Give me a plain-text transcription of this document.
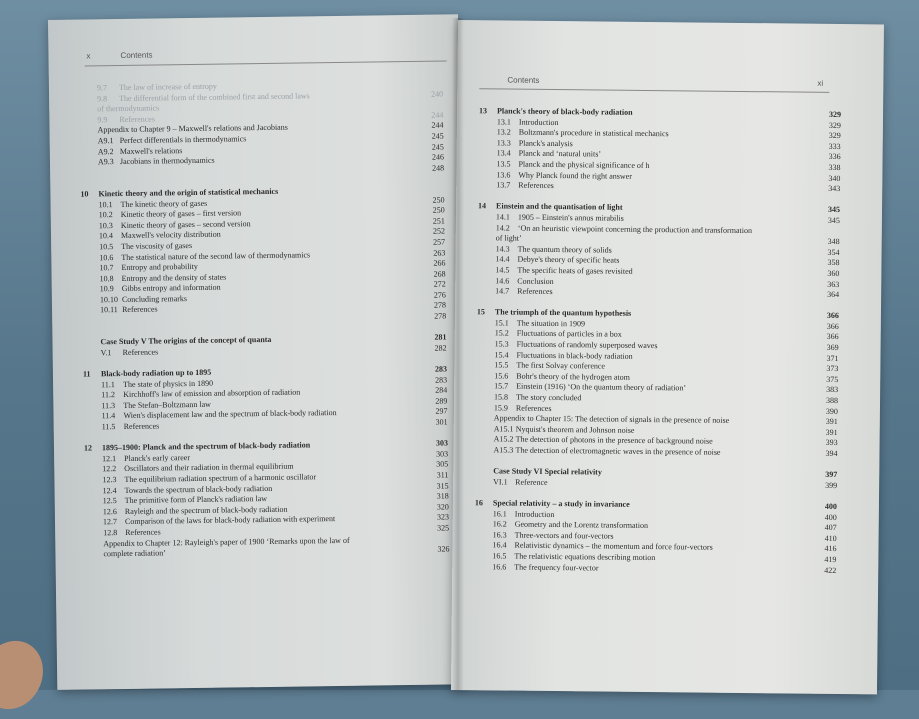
x	Contents
9.7 The law of increase of entropy
9.8 The differential form of the combined first and second laws	240
of thermodynamics
9.9 References	244
Appendix to Chapter 9 – Maxwell's relations and Jacobians	244
A9.1 Perfect differentials in thermodynamics	245
A9.2 Maxwell's relations	245
A9.3 Jacobians in thermodynamics	246
248
10 Kinetic theory and the origin of statistical mechanics
10.1 The kinetic theory of gases	250
10.2 Kinetic theory of gases – first version	250
10.3 Kinetic theory of gases – second version	251
10.4 Maxwell's velocity distribution	252
10.5 The viscosity of gases	257
10.6 The statistical nature of the second law of thermodynamics	263
10.7 Entropy and probability	266
10.8 Entropy and the density of states	268
10.9 Gibbs entropy and information	272
10.10 Concluding remarks	276
10.11 References	278
278
Case Study V The origins of the concept of quanta	281
V.1 References	282
11 Black-body radiation up to 1895	283
11.1 The state of physics in 1890	283
11.2 Kirchhoff's law of emission and absorption of radiation	284
11.3 The Stefan–Boltzmann law	289
11.4 Wien's displacement law and the spectrum of black-body radiation	297
11.5 References	301
12 1895–1900: Planck and the spectrum of black-body radiation	303
12.1 Planck's early career	303
12.2 Oscillators and their radiation in thermal equilibrium	305
12.3 The equilibrium radiation spectrum of a harmonic oscillator	311
12.4 Towards the spectrum of black-body radiation	315
12.5 The primitive form of Planck's radiation law	318
12.6 Rayleigh and the spectrum of black-body radiation	320
12.7 Comparison of the laws for black-body radiation with experiment	323
12.8 References	325
Appendix to Chapter 12: Rayleigh's paper of 1900 ‘Remarks upon the law of
complete radiation’	326
Contents	xi
13 Planck's theory of black-body radiation	329
13.1 Introduction	329
13.2 Boltzmann's procedure in statistical mechanics	329
13.3 Planck's analysis	333
13.4 Planck and ‘natural units’	336
13.5 Planck and the physical significance of h	338
13.6 Why Planck found the right answer	340
13.7 References	343
14 Einstein and the quantisation of light	345
14.1 1905 – Einstein's annus mirabilis	345
14.2 ‘On an heuristic viewpoint concerning the production and transformation
of light’	348
14.3 The quantum theory of solids	354
14.4 Debye's theory of specific heats	358
14.5 The specific heats of gases revisited	360
14.6 Conclusion	363
14.7 References	364
15 The triumph of the quantum hypothesis	366
15.1 The situation in 1909	366
15.2 Fluctuations of particles in a box	366
15.3 Fluctuations of randomly superposed waves	369
15.4 Fluctuations in black-body radiation	371
15.5 The first Solvay conference	373
15.6 Bohr's theory of the hydrogen atom	375
15.7 Einstein (1916) ‘On the quantum theory of radiation’	383
15.8 The story concluded	388
15.9 References	390
Appendix to Chapter 15: The detection of signals in the presence of noise	391
A15.1 Nyquist's theorem and Johnson noise	391
A15.2 The detection of photons in the presence of background noise	393
A15.3 The detection of electromagnetic waves in the presence of noise	394
Case Study VI Special relativity	397
VI.1 Reference	399
16 Special relativity – a study in invariance	400
16.1 Introduction	400
16.2 Geometry and the Lorentz transformation	407
16.3 Three-vectors and four-vectors	410
16.4 Relativistic dynamics – the momentum and force four-vectors	416
16.5 The relativistic equations describing motion	419
16.6 The frequency four-vector	422
